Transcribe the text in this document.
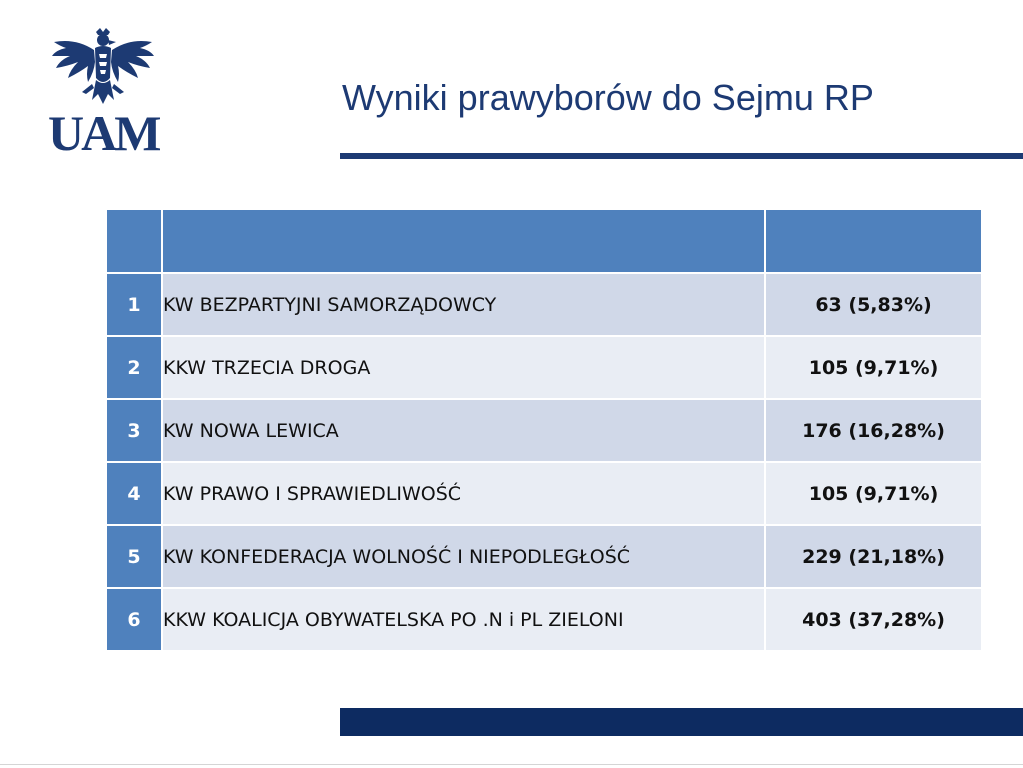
UAM
Wyniki prawyborów do Sejmu RP

1	KW BEZPARTYJNI SAMORZĄDOWCY	63 (5,83%)
2	KKW TRZECIA DROGA	105 (9,71%)
3	KW NOWA LEWICA	176 (16,28%)
4	KW PRAWO I SPRAWIEDLIWOŚĆ	105 (9,71%)
5	KW KONFEDERACJA WOLNOŚĆ I NIEPODLEGŁOŚĆ	229 (21,18%)
6	KKW KOALICJA OBYWATELSKA PO .N i PL ZIELONI	403 (37,28%)
